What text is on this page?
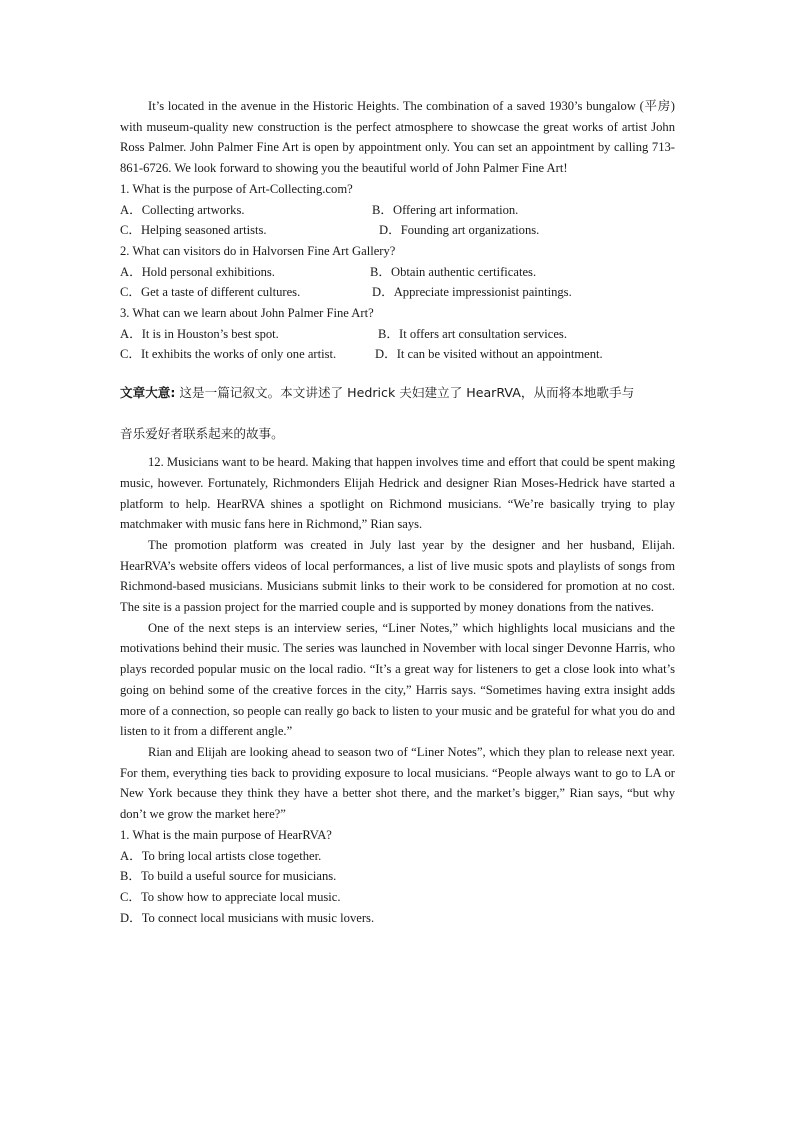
It’s located in the avenue in the Historic Heights. The combination of a saved 1930’s bungalow (平房) with museum-quality new construction is the perfect atmosphere to showcase the great works of artist John Ross Palmer. John Palmer Fine Art is open by appointment only. You can set an appointment by calling 713-861-6726. We look forward to showing you the beautiful world of John Palmer Fine Art!

1. What is the purpose of Art-Collecting.com?

A．Collecting artworks.	B．Offering art information.
C．Helping seasoned artists.	D．Founding art organizations.

2. What can visitors do in Halvorsen Fine Art Gallery?

A．Hold personal exhibitions.	B．Obtain authentic certificates.
C．Get a taste of different cultures.	D．Appreciate impressionist paintings.

3. What can we learn about John Palmer Fine Art?

A．It is in Houston’s best spot.	B．It offers art consultation services.
C．It exhibits the works of only one artist.	D．It can be visited without an appointment.
文章大意: 这是一篇记叙文。本文讲述了 Hedrick 夫妇建立了 HearRVA，从而将本地歌手与
音乐爱好者联系起来的故事。

12. Musicians want to be heard. Making that happen involves time and effort that could be spent making music, however. Fortunately, Richmonders Elijah Hedrick and designer Rian Moses-Hedrick have started a platform to help. HearRVA shines a spotlight on Richmond musicians. “We’re basically trying to play matchmaker with music fans here in Richmond,” Rian says.

The promotion platform was created in July last year by the designer and her husband, Elijah. HearRVA’s website offers videos of local performances, a list of live music spots and playlists of songs from Richmond-based musicians. Musicians submit links to their work to be considered for promotion at no cost. The site is a passion project for the married couple and is supported by money donations from the natives.

One of the next steps is an interview series, “Liner Notes,” which highlights local musicians and the motivations behind their music. The series was launched in November with local singer Devonne Harris, who plays recorded popular music on the local radio. “It’s a great way for listeners to get a close look into what’s going on behind some of the creative forces in the city,” Harris says. “Sometimes having extra insight adds more of a connection, so people can really go back to listen to your music and be grateful for what you do and listen to it from a different angle.”

Rian and Elijah are looking ahead to season two of “Liner Notes”, which they plan to release next year. For them, everything ties back to providing exposure to local musicians. “People always want to go to LA or New York because they think they have a better shot there, and the market’s bigger,” Rian says, “but why don’t we grow the market here?”

1. What is the main purpose of HearRVA?

A．To bring local artists close together.

B．To build a useful source for musicians.

C．To show how to appreciate local music.

D．To connect local musicians with music lovers.
